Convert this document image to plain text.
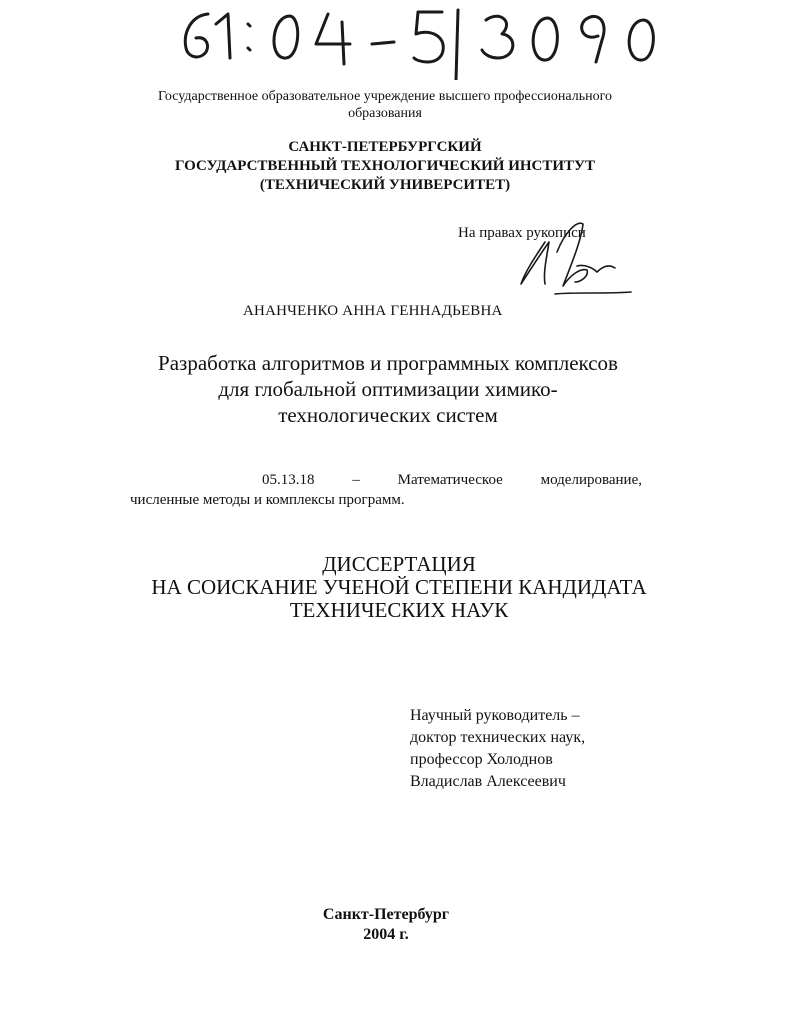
Государственное образовательное учреждение высшего профессионального
образования
САНКТ-ПЕТЕРБУРГСКИЙ
ГОСУДАРСТВЕННЫЙ ТЕХНОЛОГИЧЕСКИЙ ИНСТИТУТ
(ТЕХНИЧЕСКИЙ УНИВЕРСИТЕТ)
На правах рукописи
АНАНЧЕНКО АННА ГЕННАДЬЕВНА
Разработка алгоритмов и программных комплексов
для глобальной оптимизации химико-
технологических систем
05.13.18	–	Математическое	моделирование,
численные методы и комплексы программ.
ДИССЕРТАЦИЯ
НА СОИСКАНИЕ УЧЕНОЙ СТЕПЕНИ КАНДИДАТА
ТЕХНИЧЕСКИХ НАУК
Научный руководитель –
доктор технических наук,
профессор Холоднов
Владислав Алексеевич
Санкт-Петербург
2004 г.
